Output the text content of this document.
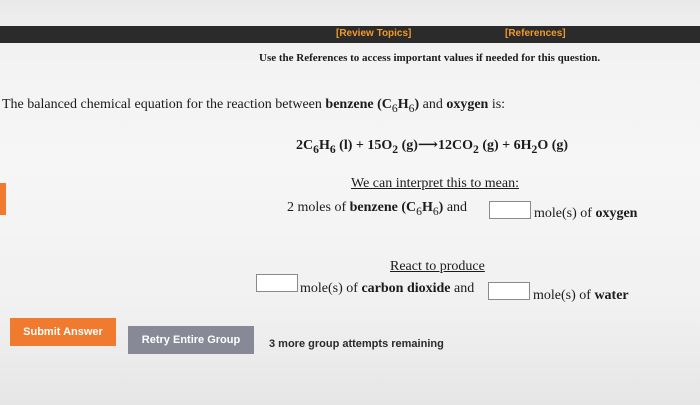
[Review Topics]	[References]
Use the References to access important values if needed for this question.
The balanced chemical equation for the reaction between benzene $(C_6H_6)$ and oxygen is:
$2C_6H_6$ $(l) + 15O_2$ $(g)⟶12CO_2$ $(g) + 6H_2O$ (g)
We can interpret this to mean:
2 moles of benzene $(C_6H_6)$ and	mole(s) of oxygen
React to produce
mole(s) of carbon dioxide and	mole(s) of water
Submit Answer
Retry Entire Group	3 more group attempts remaining
